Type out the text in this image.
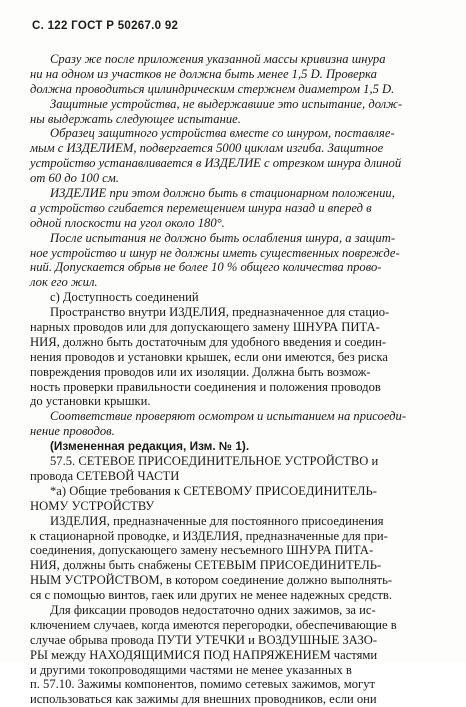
С. 122 ГОСТ Р 50267.0 92
Сразу же после приложения указанной массы кривизна шнура
ни на одном из участков не должна быть менее 1,5 D. Проверка
должна проводиться цилиндрическим стержнем диаметром 1,5 D.
Защитные устройства, не выдержавшие это испытание, долж-
ны выдержать следующее испытание.
Образец защитного устройства вместе со шнуром, поставляе-
мым с ИЗДЕЛИЕМ, подвергается 5000 циклам изгиба. Защитное
устройство устанавливается в ИЗДЕЛИЕ с отрезком шнура длиной
от 60 до 100 см.
ИЗДЕЛИЕ при этом должно быть в стационарном положении,
а устройство сгибается перемещением шнура назад и вперед в
одной плоскости на угол около 180°.
После испытания не должно быть ослабления шнура, а защит-
ное устройство и шнур не должны иметь существенных поврежде-
ний. Допускается обрыв не более 10 % общего количества прово-
лок его жил.
с) Доступность соединений
Пространство внутри ИЗДЕЛИЯ, предназначенное для стацио-
нарных проводов или для допускающего замену ШНУРА ПИТА-
НИЯ, должно быть достаточным для удобного введения и соедин-
нения проводов и установки крышек, если они имеются, без риска
повреждения проводов или их изоляции. Должна быть возмож-
ность проверки правильности соединения и положения проводов
до установки крышки.
Соответствие проверяют осмотром и испытанием на присоеди-
нение проводов.
(Измененная редакция, Изм. № 1).
57.5. СЕТЕВОЕ ПРИСОЕДИНИТЕЛЬНОЕ УСТРОЙСТВО и
провода СЕТЕВОЙ ЧАСТИ
*а) Общие требования к СЕТЕВОМУ ПРИСОЕДИНИТЕЛЬ-
НОМУ УСТРОЙСТВУ
ИЗДЕЛИЯ, предназначенные для постоянного присоединения
к стационарной проводке, и ИЗДЕЛИЯ, предназначенные для при-
соединения, допускающего замену несъемного ШНУРА ПИТА-
НИЯ, должны быть снабжены СЕТЕВЫМ ПРИСОЕДИНИТЕЛЬ-
НЫМ УСТРОЙСТВОМ, в котором соединение должно выполнять-
ся с помощью винтов, гаек или других не менее надежных средств.
Для фиксации проводов недостаточно одних зажимов, за ис-
ключением случаев, когда имеются перегородки, обеспечивающие в
случае обрыва провода ПУТИ УТЕЧКИ и ВОЗДУШНЫЕ ЗАЗО-
РЫ между НАХОДЯЩИМИСЯ ПОД НАПРЯЖЕНИЕМ частями
и другими токопроводящими частями не менее указанных в
п. 57.10. Зажимы компонентов, помимо сетевых зажимов, могут
использоваться как зажимы для внешних проводников, если они
